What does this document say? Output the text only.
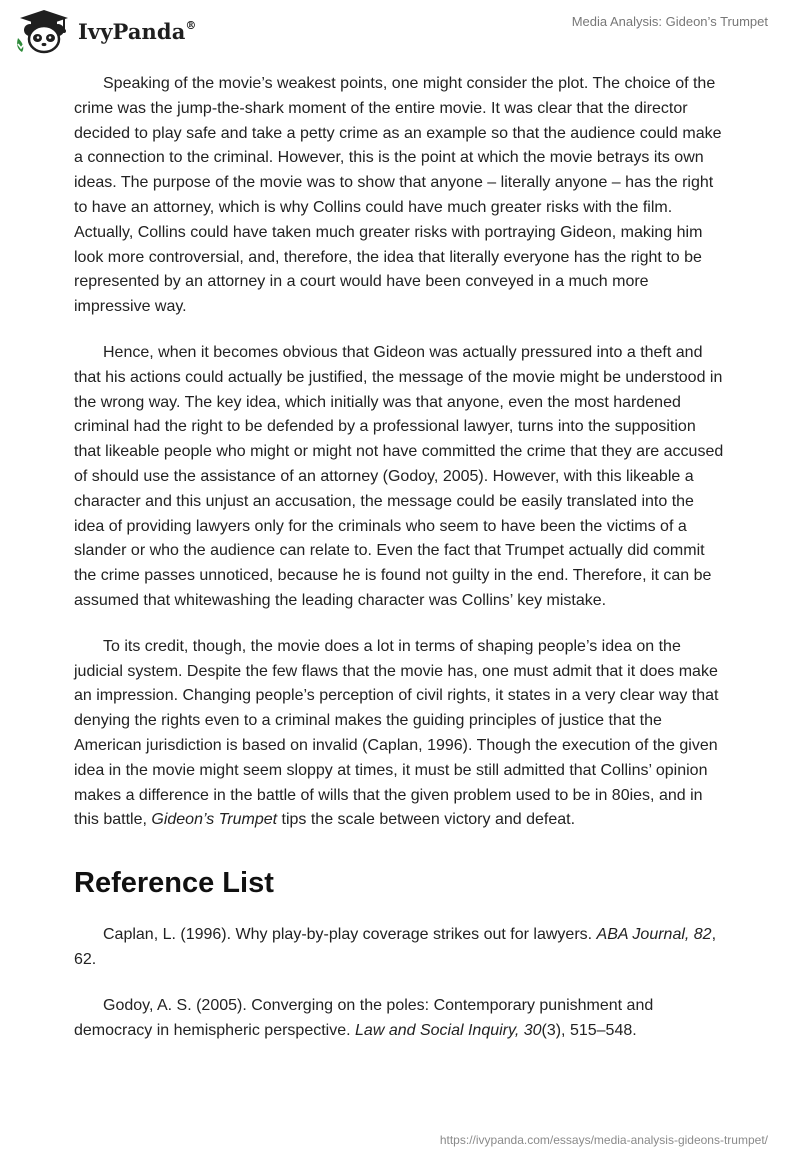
IvyPanda®	Media Analysis: Gideon’s Trumpet

Speaking of the movie’s weakest points, one might consider the plot. The choice of the crime was the jump-the-shark moment of the entire movie. It was clear that the director decided to play safe and take a petty crime as an example so that the audience could make a connection to the criminal. However, this is the point at which the movie betrays its own ideas. The purpose of the movie was to show that anyone – literally anyone – has the right to have an attorney, which is why Collins could have much greater risks with the film. Actually, Collins could have taken much greater risks with portraying Gideon, making him look more controversial, and, therefore, the idea that literally everyone has the right to be represented by an attorney in a court would have been conveyed in a much more impressive way.

Hence, when it becomes obvious that Gideon was actually pressured into a theft and that his actions could actually be justified, the message of the movie might be understood in the wrong way. The key idea, which initially was that anyone, even the most hardened criminal had the right to be defended by a professional lawyer, turns into the supposition that likeable people who might or might not have committed the crime that they are accused of should use the assistance of an attorney (Godoy, 2005). However, with this likeable a character and this unjust an accusation, the message could be easily translated into the idea of providing lawyers only for the criminals who seem to have been the victims of a slander or who the audience can relate to. Even the fact that Trumpet actually did commit the crime passes unnoticed, because he is found not guilty in the end. Therefore, it can be assumed that whitewashing the leading character was Collins’ key mistake.

To its credit, though, the movie does a lot in terms of shaping people’s idea on the judicial system. Despite the few flaws that the movie has, one must admit that it does make an impression. Changing people’s perception of civil rights, it states in a very clear way that denying the rights even to a criminal makes the guiding principles of justice that the American jurisdiction is based on invalid (Caplan, 1996). Though the execution of the given idea in the movie might seem sloppy at times, it must be still admitted that Collins’ opinion makes a difference in the battle of wills that the given problem used to be in 80ies, and in this battle, Gideon’s Trumpet tips the scale between victory and defeat.

Reference List

Caplan, L. (1996). Why play-by-play coverage strikes out for lawyers. ABA Journal, 82, 62.

Godoy, A. S. (2005). Converging on the poles: Contemporary punishment and democracy in hemispheric perspective. Law and Social Inquiry, 30(3), 515–548.

https://ivypanda.com/essays/media-analysis-gideons-trumpet/
